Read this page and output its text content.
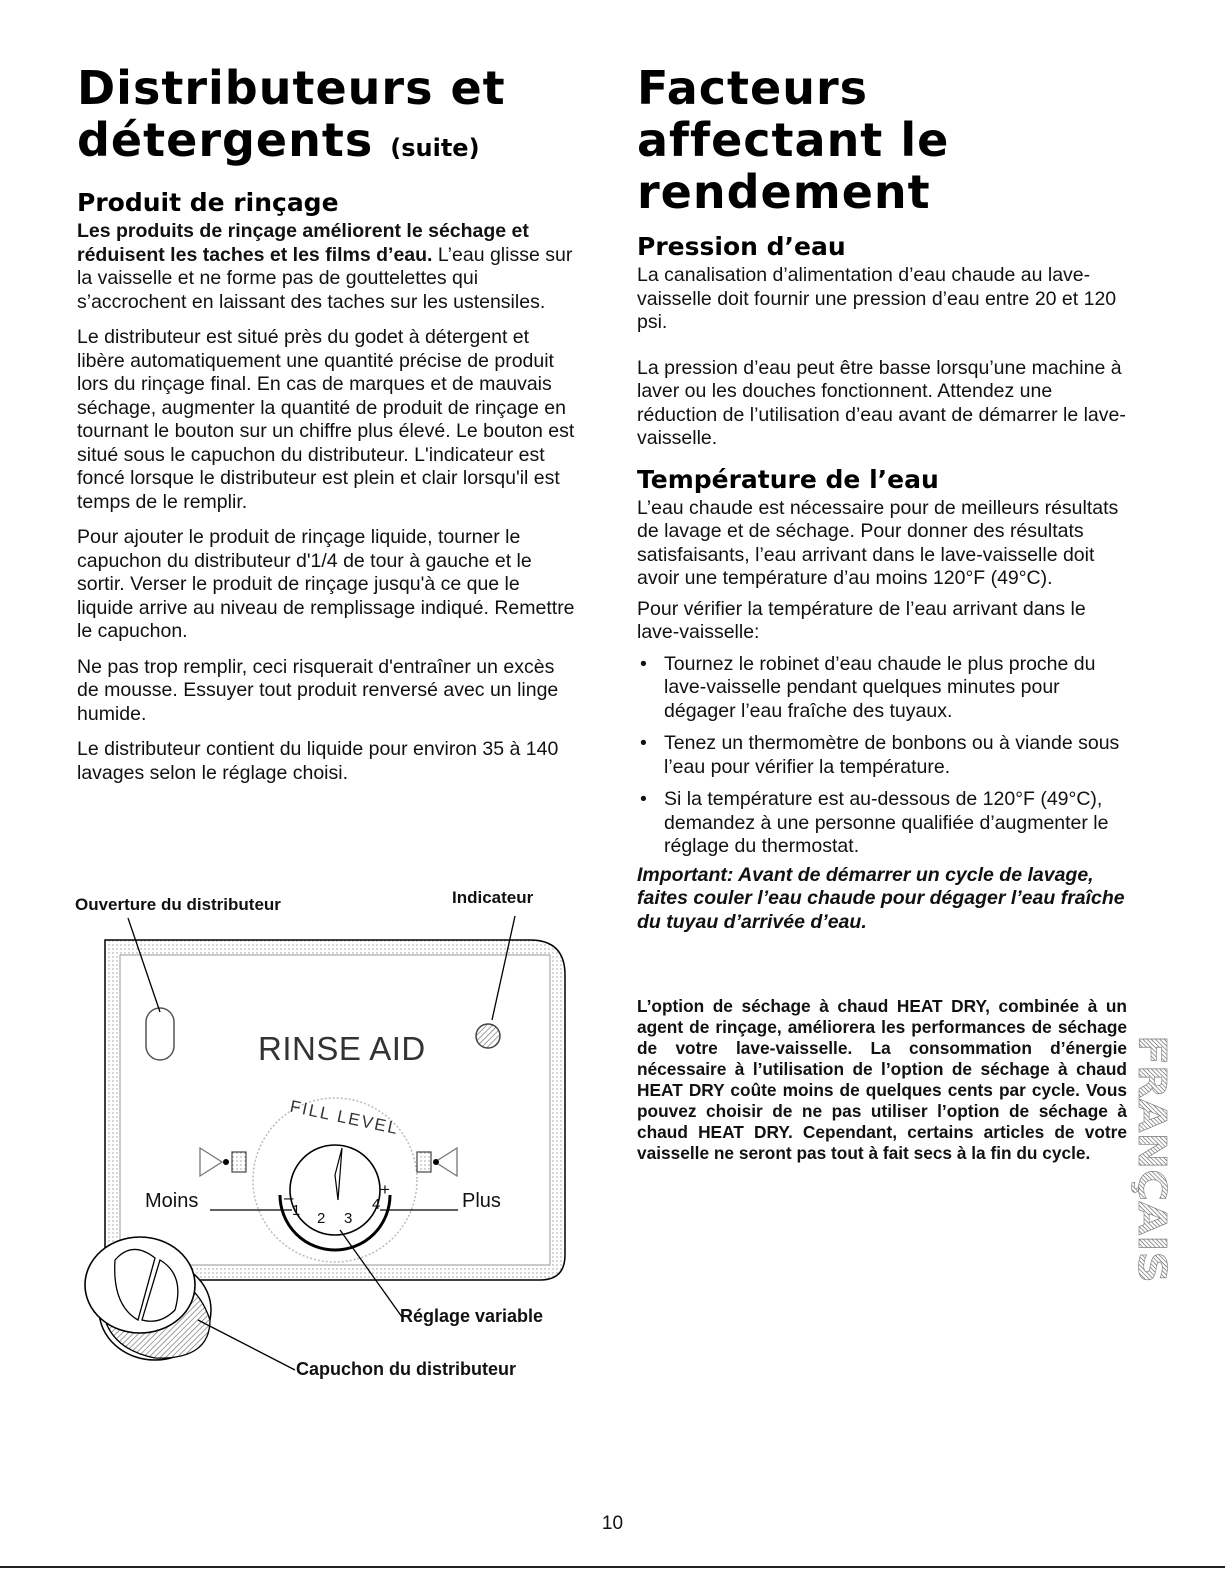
Distributeurs et
détergents (suite)
Produit de rinçage

Les produits de rinçage améliorent le séchage et réduisent les taches et les films d’eau. L’eau glisse sur la vaisselle et ne forme pas de gouttelettes qui s’accrochent en laissant des taches sur les ustensiles.

Le distributeur est situé près du godet à détergent et libère automatiquement une quantité précise de produit lors du rinçage final. En cas de marques et de mauvais séchage, augmenter la quantité de produit de rinçage en tournant le bouton sur un chiffre plus élevé. Le bouton est situé sous le capuchon du distributeur. L'indicateur est foncé lorsque le distributeur est plein et clair lorsqu'il est temps de le remplir.

Pour ajouter le produit de rinçage liquide, tourner le capuchon du distributeur d'1/4 de tour à gauche et le sortir. Verser le produit de rinçage jusqu'à ce que le liquide arrive au niveau de remplissage indiqué. Remettre le capuchon.

Ne pas trop remplir, ceci risquerait d'entraîner un excès de mousse. Essuyer tout produit renversé avec un linge humide.

Le distributeur contient du liquide pour environ 35 à 140 lavages selon le réglage choisi.

Ouverture du distributeur	Indicateur
RINSE AID
FILL LEVEL
Moins	Plus
–
1 2 3
4
+
Réglage variable
Capuchon du distributeur
Facteurs affectant le
rendement
Pression d’eau

La canalisation d’alimentation d’eau chaude au lave-vaisselle doit fournir une pression d’eau entre 20 et 120 psi.

La pression d’eau peut être basse lorsqu’une machine à laver ou les douches fonctionnent. Attendez une réduction de l’utilisation d’eau avant de démarrer le lave-vaisselle.

Température de l’eau

L’eau chaude est nécessaire pour de meilleurs résultats de lavage et de séchage. Pour donner des résultats satisfaisants, l’eau arrivant dans le lave-vaisselle doit avoir une température d’au moins 120°F (49°C).

Pour vérifier la température de l’eau arrivant dans le lave-vaisselle:

• Tournez le robinet d’eau chaude le plus proche du lave-vaisselle pendant quelques minutes pour dégager l’eau fraîche des tuyaux.
• Tenez un thermomètre de bonbons ou à viande sous l’eau pour vérifier la température.
• Si la température est au-dessous de 120°F (49°C), demandez à une personne qualifiée d’augmenter le réglage du thermostat.

Important: Avant de démarrer un cycle de lavage, faites couler l’eau chaude pour dégager l’eau fraîche du tuyau d’arrivée d’eau.

L’option de séchage à chaud HEAT DRY, combinée à un agent de rinçage, améliorera les performances de séchage de votre lave-vaisselle. La consommation d’énergie nécessaire à l’utilisation de l’option de séchage à chaud HEAT DRY coûte moins de quelques cents par cycle. Vous pouvez choisir de ne pas utiliser l’option de séchage à chaud HEAT DRY. Cependant, certains articles de votre vaisselle ne seront pas tout à fait secs à la fin du cycle.	FRANÇAIS
10
